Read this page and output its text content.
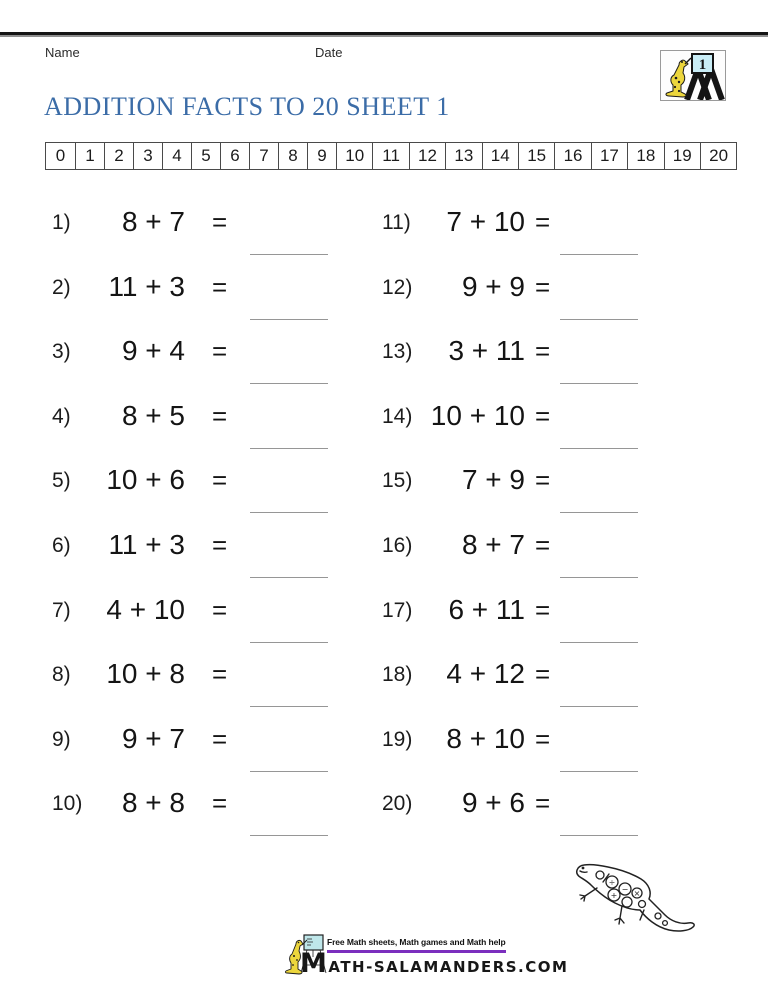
Name	Date
1
ADDITION FACTS TO 20 SHEET 1
0	1	2	3	4	5	6	7	8	9	10	11	12	13	14	15	16	17	18	19	20
1)	8 + 7 =
2)	11 + 3 =
3)	9 + 4 =
4)	8 + 5 =
5)	10 + 6 =
6)	11 + 3 =
7)	4 + 10 =
8)	10 + 8 =
9)	9 + 7 =
10)	8 + 8 =
11)	7 + 10 =
12)	9 + 9 =
13)	3 + 11 =
14) 10 + 10 =
15)	7 + 9 =
16)	8 + 7 =
17)	6 + 11 =
18)	4 + 12 =
19)	8 + 10 =
20)	9 + 6 =
÷
−
+ ×
Free Math sheets, Math games and Math help
MATH-SALAMANDERS.COM
